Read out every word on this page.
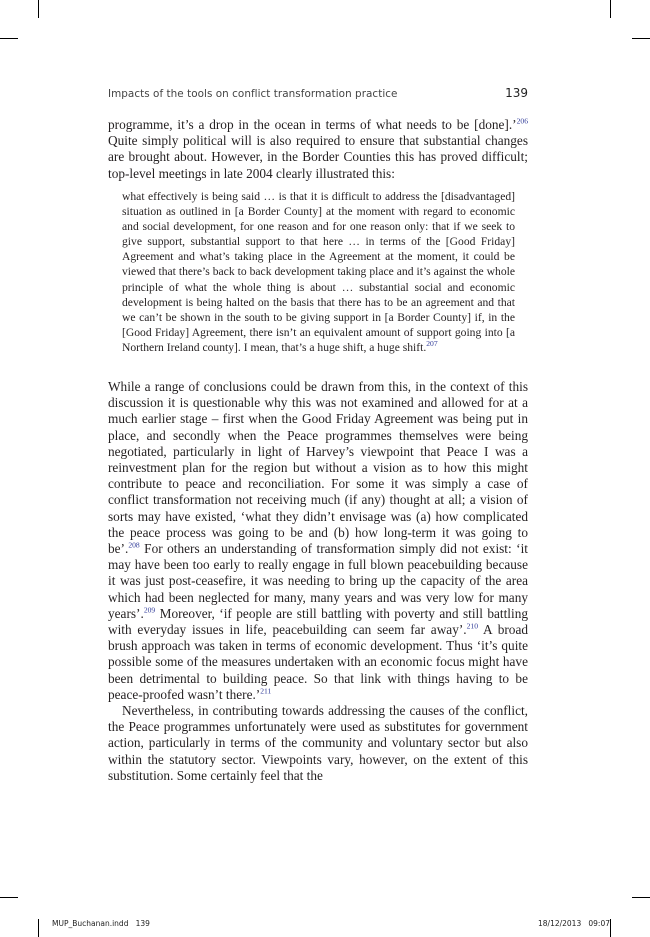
Impacts of the tools on conflict transformation practice	139

programme, it’s a drop in the ocean in terms of what needs to be [done].’$^{206}$ Quite simply political will is also required to ensure that substantial changes are brought about. However, in the Border Counties this has proved difficult; top-level meetings in late 2004 clearly illustrated this:

what effectively is being said … is that it is difficult to address the [disadvantaged] situation as outlined in [a Border County] at the moment with regard to economic and social development, for one reason and for one reason only: that if we seek to give support, substantial support to that here … in terms of the [Good Friday] Agreement and what’s taking place in the Agreement at the moment, it could be viewed that there’s back to back development taking place and it’s against the whole principle of what the whole thing is about … substantial social and economic development is being halted on the basis that there has to be an agreement and that we can’t be shown in the south to be giving support in [a Border County] if, in the [Good Friday] Agreement, there isn’t an equivalent amount of support going into [a Northern Ireland county]. I mean, that’s a huge shift, a huge shift.$^{207}$

While a range of conclusions could be drawn from this, in the context of this discussion it is questionable why this was not examined and allowed for at a much earlier stage – first when the Good Friday Agreement was being put in place, and secondly when the Peace programmes themselves were being negotiated, particularly in light of Harvey’s viewpoint that Peace I was a reinvestment plan for the region but without a vision as to how this might contribute to peace and reconciliation. For some it was simply a case of conflict transformation not receiving much (if any) thought at all; a vision of sorts may have existed, ‘what they didn’t envisage was (a) how complicated the peace process was going to be and (b) how long-term it was going to be’.$^{208}$ For others an understanding of transformation simply did not exist: ‘it may have been too early to really engage in full blown peacebuilding because it was just post-ceasefire, it was needing to bring up the capacity of the area which had been neglected for many, many years and was very low for many years’.$^{209}$ Moreover, ‘if people are still battling with poverty and still battling with everyday issues in life, peacebuilding can seem far away’.$^{210}$ A broad brush approach was taken in terms of economic development. Thus ‘it’s quite possible some of the measures undertaken with an economic focus might have been detrimental to building peace. So that link with things having to be peace-proofed wasn’t there.’$^{211}$

Nevertheless, in contributing towards addressing the causes of the conflict, the Peace programmes unfortunately were used as substitutes for government action, particularly in terms of the community and voluntary sector but also within the statutory sector. Viewpoints vary, however, on the extent of this substitution. Some certainly feel that the

MUP_Buchanan.indd   139	18/12/2013   09:07
